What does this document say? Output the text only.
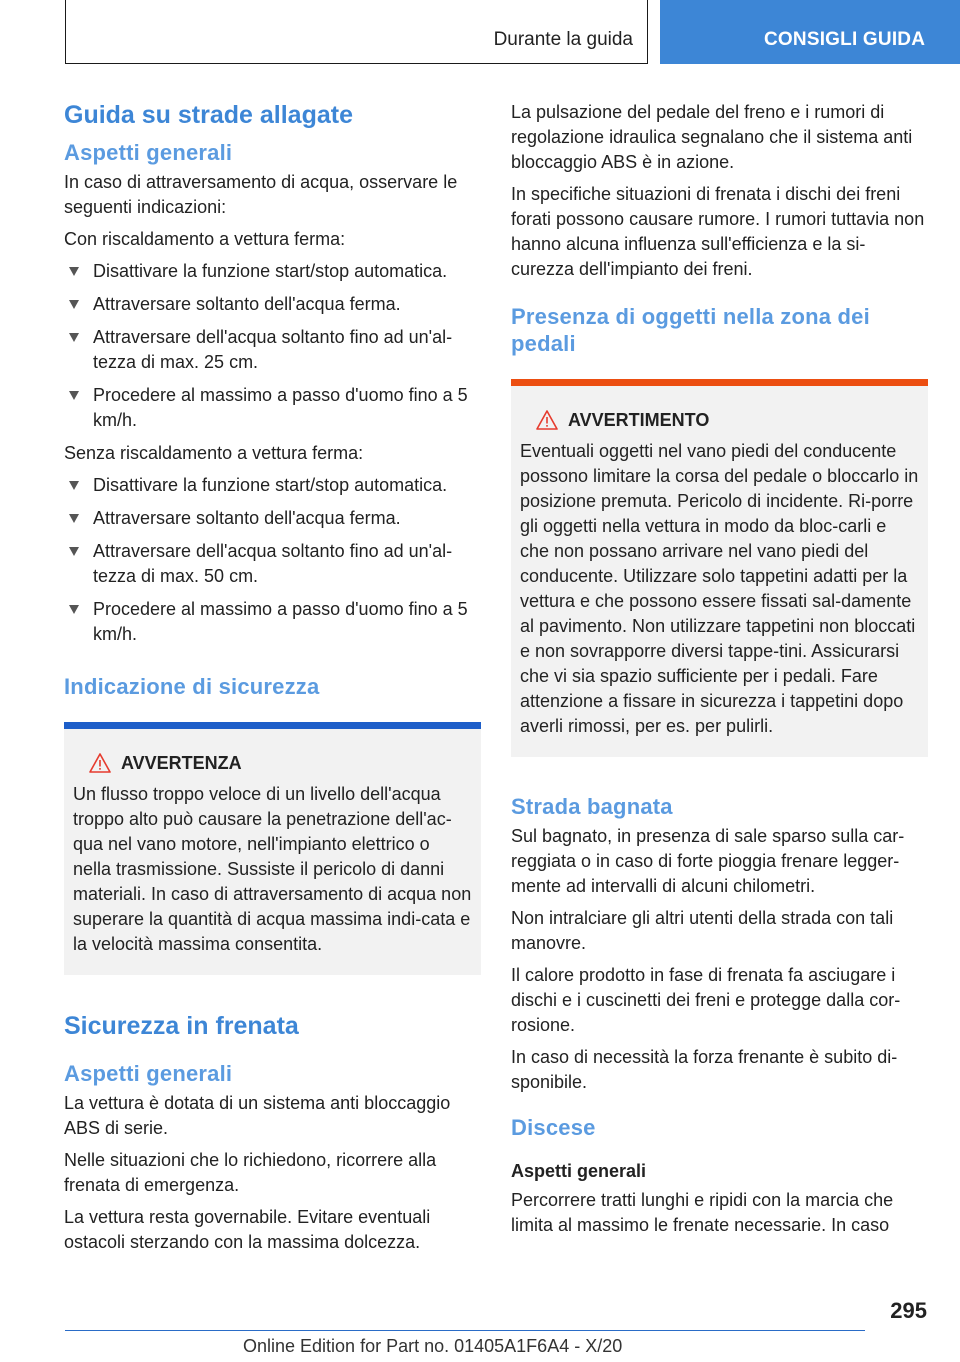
Durante la guida	CONSIGLI GUIDA
Guida su strade allagate
Aspetti generali

In caso di attraversamento di acqua, osservare le seguenti indicazioni:

Con riscaldamento a vettura ferma:

Disattivare la funzione start/stop automatica.
Attraversare soltanto dell'acqua ferma.
Attraversare dell'acqua soltanto fino ad un'al-tezza di max. 25 cm.
Procedere al massimo a passo d'uomo fino a 5 km/h.

Senza riscaldamento a vettura ferma:

Disattivare la funzione start/stop automatica.
Attraversare soltanto dell'acqua ferma.
Attraversare dell'acqua soltanto fino ad un'al-tezza di max. 50 cm.
Procedere al massimo a passo d'uomo fino a 5 km/h.
Indicazione di sicurezza
AVVERTENZA

Un flusso troppo veloce di un livello dell'acqua troppo alto può causare la penetrazione dell'ac-qua nel vano motore, nell'impianto elettrico o nella trasmissione. Sussiste il pericolo di danni materiali. In caso di attraversamento di acqua non superare la quantità di acqua massima indi-cata e la velocità massima consentita.

Sicurezza in frenata
Aspetti generali

La vettura è dotata di un sistema anti bloccaggio ABS di serie.

Nelle situazioni che lo richiedono, ricorrere alla frenata di emergenza.

La vettura resta governabile. Evitare eventuali ostacoli sterzando con la massima dolcezza.

La pulsazione del pedale del freno e i rumori di regolazione idraulica segnalano che il sistema anti bloccaggio ABS è in azione.

In specifiche situazioni di frenata i dischi dei freni forati possono causare rumore. I rumori tuttavia non hanno alcuna influenza sull'efficienza e la si-curezza dell'impianto dei freni.

Presenza di oggetti nella zona dei pedali
AVVERTIMENTO

Eventuali oggetti nel vano piedi del conducente possono limitare la corsa del pedale o bloccarlo in posizione premuta. Pericolo di incidente. Ri-porre gli oggetti nella vettura in modo da bloc-carli e che non possano arrivare nel vano piedi del conducente. Utilizzare solo tappetini adatti per la vettura e che possono essere fissati sal-damente al pavimento. Non utilizzare tappetini non bloccati e non sovrapporre diversi tappe-tini. Assicurarsi che vi sia spazio sufficiente per i pedali. Fare attenzione a fissare in sicurezza i tappetini dopo averli rimossi, per es. per pulirli.

Strada bagnata

Sul bagnato, in presenza di sale sparso sulla car-reggiata o in caso di forte pioggia frenare legger-mente ad intervalli di alcuni chilometri.

Non intralciare gli altri utenti della strada con tali manovre.

Il calore prodotto in fase di frenata fa asciugare i dischi e i cuscinetti dei freni e protegge dalla cor-rosione.

In caso di necessità la forza frenante è subito di-sponibile.

Discese
Aspetti generali

Percorrere tratti lunghi e ripidi con la marcia che limita al massimo le frenate necessarie. In caso

295
Online Edition for Part no. 01405A1F6A4 - X/20
